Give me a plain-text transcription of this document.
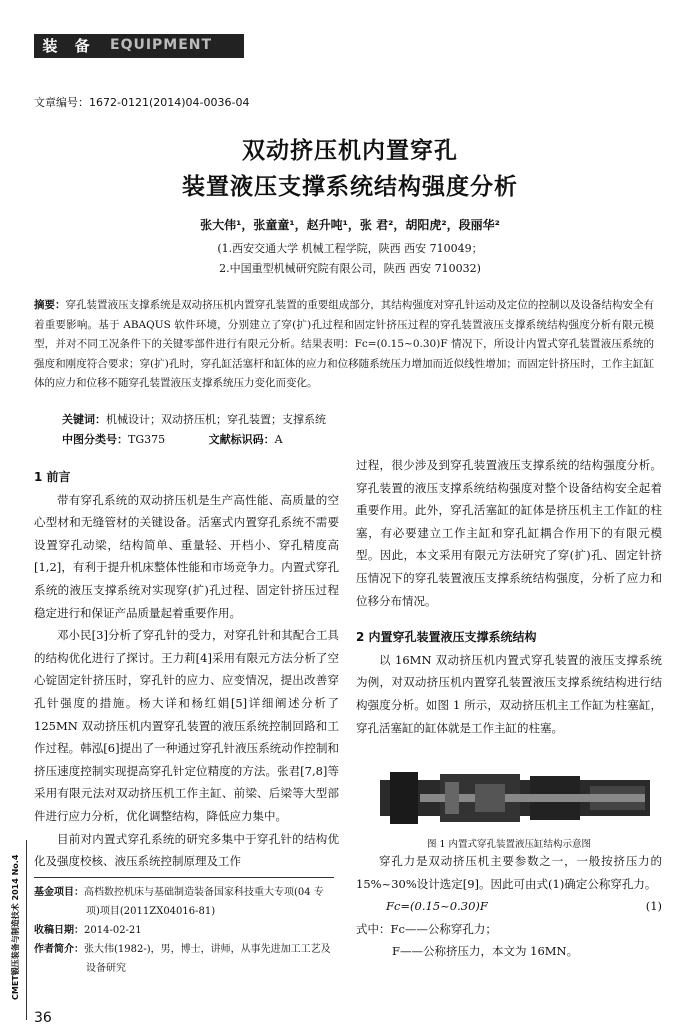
装 备	EQUIPMENT
文章编号：1672-0121(2014)04-0036-04
双动挤压机内置穿孔
装置液压支撑系统结构强度分析
张大伟¹，张童童¹，赵升吨¹，张 君²，胡阳虎²，段丽华²
(1.西安交通大学 机械工程学院，陕西 西安 710049；
2.中国重型机械研究院有限公司，陕西 西安 710032)
摘要：穿孔装置液压支撑系统是双动挤压机内置穿孔装置的重要组成部分，其结构强度对穿孔针运动及定位的控制以及设备结构安全有着重要影响。基于 ABAQUS 软件环境，分别建立了穿(扩)孔过程和固定针挤压过程的穿孔装置液压支撑系统结构强度分析有限元模型，并对不同工况条件下的关键零部件进行有限元分析。结果表明：Fc=(0.15~0.30)F 情况下，所设计内置式穿孔装置液压系统的强度和刚度符合要求；穿(扩)孔时，穿孔缸活塞杆和缸体的应力和位移随系统压力增加而近似线性增加；而固定针挤压时，工作主缸缸体的应力和位移不随穿孔装置液压支撑系统压力变化而变化。
关键词：机械设计；双动挤压机；穿孔装置；支撑系统
中图分类号：TG375	文献标识码：A
1 前言

带有穿孔系统的双动挤压机是生产高性能、高质量的空心型材和无缝管材的关键设备。活塞式内置穿孔系统不需要设置穿孔动梁，结构简单、重量轻、开档小、穿孔精度高[1,2]，有利于提升机床整体性能和市场竞争力。内置式穿孔系统的液压支撑系统对实现穿(扩)孔过程、固定针挤压过程稳定进行和保证产品质量起着重要作用。

邓小民[3]分析了穿孔针的受力，对穿孔针和其配合工具的结构优化进行了探讨。王力莉[4]采用有限元方法分析了空心锭固定针挤压时，穿孔针的应力、应变情况，提出改善穿孔针强度的措施。杨大详和杨红娟[5]详细阐述分析了 125MN 双动挤压机内置穿孔装置的液压系统控制回路和工作过程。韩泓[6]提出了一种通过穿孔针液压系统动作控制和挤压速度控制实现提高穿孔针定位精度的方法。张君[7,8]等采用有限元法对双动挤压机工作主缸、前梁、后梁等大型部件进行应力分析，优化调整结构，降低应力集中。

目前对内置式穿孔系统的研究多集中于穿孔针的结构优化及强度校核、液压系统控制原理及工作

过程，很少涉及到穿孔装置液压支撑系统的结构强度分析。穿孔装置的液压支撑系统结构强度对整个设备结构安全起着重要作用。此外，穿孔活塞缸的缸体是挤压机主工作缸的柱塞，有必要建立工作主缸和穿孔缸耦合作用下的有限元模型。因此，本文采用有限元方法研究了穿(扩)孔、固定针挤压情况下的穿孔装置液压支撑系统结构强度，分析了应力和位移分布情况。

2 内置穿孔装置液压支撑系统结构

以 16MN 双动挤压机内置式穿孔装置的液压支撑系统为例，对双动挤压机内置穿孔装置液压支撑系统结构进行结构强度分析。如图 1 所示，双动挤压机主工作缸为柱塞缸，穿孔活塞缸的缸体就是工作主缸的柱塞。

图 1 内置式穿孔装置液压缸结构示意图

穿孔力是双动挤压机主要参数之一，一般按挤压力的 15%~30%设计选定[9]。因此可由式(1)确定公称穿孔力。

Fc=(0.15~0.30)F	(1)
式中：Fc——公称穿孔力；
F——公称挤压力，本文为 16MN。
基金项目：高档数控机床与基础制造装备国家科技重大专项(04 专项)项目(2011ZX04016-81)
收稿日期：2014-02-21
作者简介：张大伟(1982-)，男，博士，讲师，从事先进加工工艺及设备研究
CMET锻压装备与制造技术 2014 No.4
36
